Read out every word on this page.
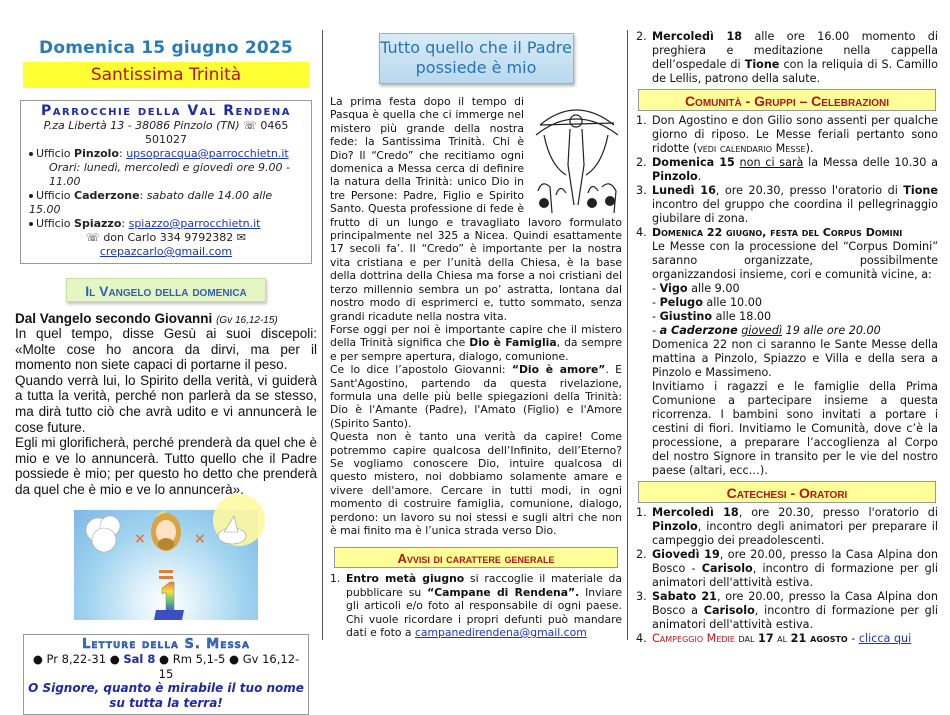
Domenica 15 giugno 2025
Santissima Trinità
Parrocchie della Val Rendena
P.za Libertà 13 - 38086 Pinzolo (TN) ☏ 0465 501027
Ufficio Pinzolo: upsopracqua@parrocchietn.it
Orari: lunedì, mercoledì e giovedì ore 9.00 - 11.00
Ufficio Caderzone: sabato dalle 14.00 alle 15.00
Ufficio Spiazzo: spiazzo@parrocchietn.it
☏ don Carlo 334 9792382 ✉ crepazcarlo@gmail.com
Il Vangelo della domenica
Dal Vangelo secondo Giovanni (Gv 16,12-15)

In quel tempo, disse Gesù ai suoi discepoli: «Molte cose ho ancora da dirvi, ma per il momento non siete capaci di portarne il peso.

Quando verrà lui, lo Spirito della verità, vi guiderà a tutta la verità, perché non parlerà da se stesso, ma dirà tutto ciò che avrà udito e vi annuncerà le cose future.

Egli mi glorificherà, perché prenderà da quel che è mio e ve lo annuncerà. Tutto quello che il Padre possiede è mio; per questo ho detto che prenderà da quel che è mio e ve lo annuncerà».

×	×
Letture della S. Messa
● Pr 8,22-31 ● Sal 8 ● Rm 5,1-5 ● Gv 16,12-15
O Signore, quanto è mirabile il tuo nome
su tutta la terra!
Tutto quello che il Padre
possiede è mio

La prima festa dopo il tempo di Pasqua è quella che ci immerge nel mistero più grande della nostra fede: la Santissima Trinità. Chi è Dio? Il “Credo” che recitiamo ogni domenica a Messa cerca di definire la natura della Trinità: unico Dio in tre Persone: Padre, Figlio e Spirito Santo. Questa professione di fede è frutto di un lungo e travagliato lavoro formulato principalmente nel 325 a Nicea. Quindi esattamente 17 secoli fa’. Il “Credo” è importante per la nostra vita cristiana e per l’unità della Chiesa, è la base della dottrina della Chiesa ma forse a noi cristiani del terzo millennio sembra un po’ astratta, lontana dal nostro modo di esprimerci e, tutto sommato, senza grandi ricadute nella nostra vita.

Forse oggi per noi è importante capire che il mistero della Trinità significa che Dio è Famiglia, da sempre e per sempre apertura, dialogo, comunione.

Ce lo dice l’apostolo Giovanni: “Dio è amore”. E Sant'Agostino, partendo da questa rivelazione, formula una delle più belle spiegazioni della Trinità: Dio è l'Amante (Padre), l'Amato (Figlio) e l'Amore (Spirito Santo).

Questa non è tanto una verità da capire! Come potremmo capire qualcosa dell’Infinito, dell’Eterno? Se vogliamo conoscere Dio, intuire qualcosa di questo mistero, noi dobbiamo solamente amare e vivere dell'amore. Cercare in tutti modi, in ogni momento di costruire famiglia, comunione, dialogo, perdono: un lavoro su noi stessi e sugli altri che non è mai finito ma è l’unica strada verso Dio.

Avvisi di carattere generale
1. Entro metà giugno si raccoglie il materiale da pubblicare su “Campane di Rendena”. Inviare gli articoli e/o foto al responsabile di ogni paese. Chi vuole ricordare i propri defunti può mandare dati e foto a campanedirendena@gmail.com
2. Mercoledì 18 alle ore 16.00 momento di preghiera e meditazione nella cappella dell’ospedale di Tione con la reliquia di S. Camillo de Lellis, patrono della salute.
Comunità - Gruppi – Celebrazioni
1. Don Agostino e don Gilio sono assenti per qualche giorno di riposo. Le Messe feriali pertanto sono ridotte (vedi calendario Messe).
2. Domenica 15 non ci sarà la Messa delle 10.30 a Pinzolo.
3. Lunedì 16, ore 20.30, presso l'oratorio di Tione incontro del gruppo che coordina il pellegrinaggio giubilare di zona.
4. Domenica 22 giugno, festa del Corpus Domini
Le Messe con la processione del “Corpus Domini” saranno organizzate, possibilmente organizzandosi insieme, cori e comunità vicine, a:
- Vigo alle 9.00
- Pelugo alle 10.00
- Giustino alle 18.00
- a Caderzone giovedì 19 alle ore 20.00
Domenica 22 non ci saranno le Sante Messe della mattina a Pinzolo, Spiazzo e Villa e della sera a Pinzolo e Massimeno.
Invitiamo i ragazzi e le famiglie della Prima Comunione a partecipare insieme a questa ricorrenza. I bambini sono invitati a portare i cestini di fiori. Invitiamo le Comunità, dove c’è la processione, a preparare l’accoglienza al Corpo del nostro Signore in transito per le vie del nostro paese (altari, ecc…).
Catechesi - Oratori
1. Mercoledì 18, ore 20.30, presso l'oratorio di Pinzolo, incontro degli animatori per preparare il campeggio dei preadolescenti.
2. Giovedì 19, ore 20.00, presso la Casa Alpina don Bosco - Carisolo, incontro di formazione per gli animatori dell'attività estiva.
3. Sabato 21, ore 20.00, presso la Casa Alpina don Bosco a Carisolo, incontro di formazione per gli animatori dell'attività estiva.
4. Campeggio Medie dal 17 al 21 agosto - clicca qui
